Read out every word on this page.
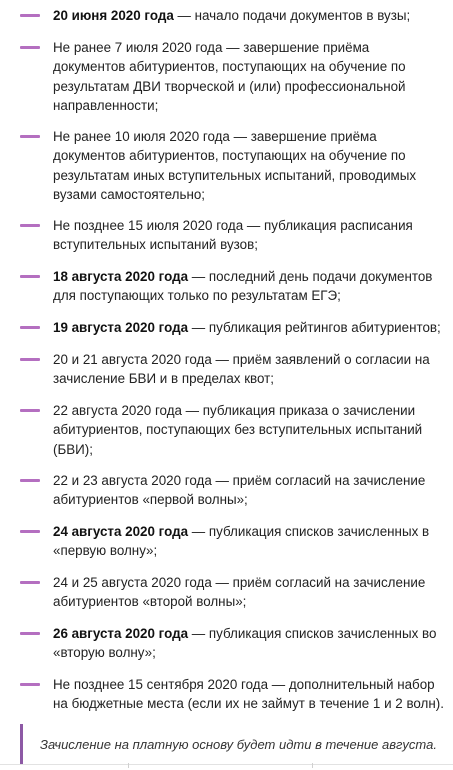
20 июня 2020 года — начало подачи документов в вузы;
Не ранее 7 июля 2020 года — завершение приёма документов абитуриентов, поступающих на обучение по результатам ДВИ творческой и (или) профессиональной направленности;
Не ранее 10 июля 2020 года — завершение приёма документов абитуриентов, поступающих на обучение по результатам иных вступительных испытаний, проводимых вузами самостоятельно;
Не позднее 15 июля 2020 года — публикация расписания вступительных испытаний вузов;
18 августа 2020 года — последний день подачи документов для поступающих только по результатам ЕГЭ;
19 августа 2020 года — публикация рейтингов абитуриентов;
20 и 21 августа 2020 года — приём заявлений о согласии на зачисление БВИ и в пределах квот;
22 августа 2020 года — публикация приказа о зачислении абитуриентов, поступающих без вступительных испытаний (БВИ);
22 и 23 августа 2020 года — приём согласий на зачисление абитуриентов «первой волны»;
24 августа 2020 года — публикация списков зачисленных в «первую волну»;
24 и 25 августа 2020 года — приём согласий на зачисление абитуриентов «второй волны»;
26 августа 2020 года — публикация списков зачисленных во «вторую волну»;
Не позднее 15 сентября 2020 года — дополнительный набор на бюджетные места (если их не займут в течение 1 и 2 волн).
Зачисление на платную основу будет идти в течение августа.
